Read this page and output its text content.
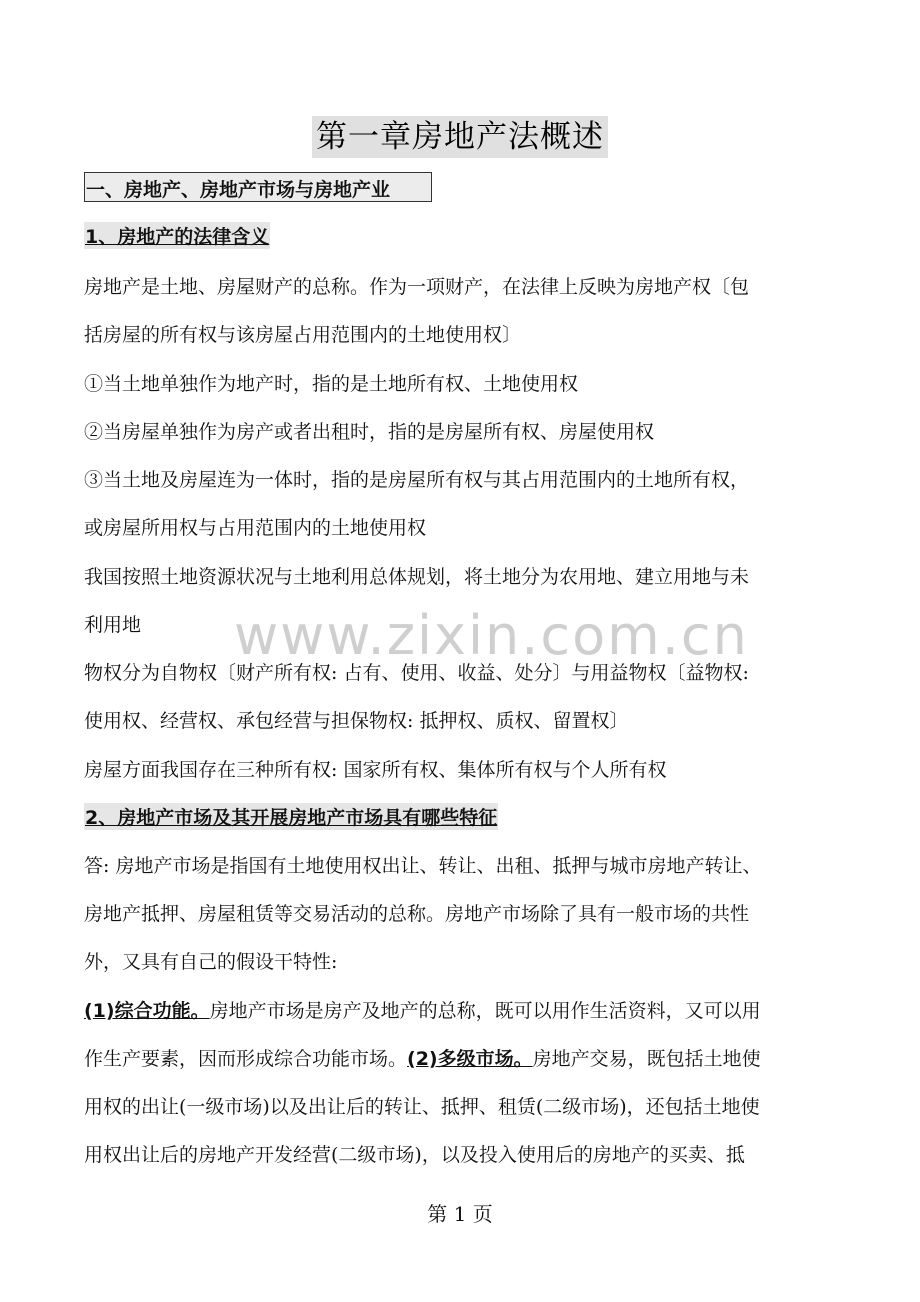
第一章房地产法概述
一、房地产、房地产市场与房地产业
1、房地产的法律含义
房地产是土地、房屋财产的总称。作为一项财产，在法律上反映为房地产权〔包
括房屋的所有权与该房屋占用范围内的土地使用权〕
①当土地单独作为地产时，指的是土地所有权、土地使用权
②当房屋单独作为房产或者出租时，指的是房屋所有权、房屋使用权
③当土地及房屋连为一体时，指的是房屋所有权与其占用范围内的土地所有权，
或房屋所用权与占用范围内的土地使用权
我国按照土地资源状况与土地利用总体规划，将土地分为农用地、建立用地与未
利用地
物权分为自物权〔财产所有权: 占有、使用、收益、处分〕与用益物权〔益物权:
使用权、经营权、承包经营与担保物权: 抵押权、质权、留置权〕
房屋方面我国存在三种所有权: 国家所有权、集体所有权与个人所有权
www.zixin.com.cn
2、房地产市场及其开展房地产市场具有哪些特征
答: 房地产市场是指国有土地使用权出让、转让、出租、抵押与城市房地产转让、
房地产抵押、房屋租赁等交易活动的总称。房地产市场除了具有一般市场的共性
外，又具有自己的假设干特性:
(1)综合功能。房地产市场是房产及地产的总称，既可以用作生活资料，又可以用
作生产要素，因而形成综合功能市场。(2)多级市场。房地产交易，既包括土地使
用权的出让(一级市场)以及出让后的转让、抵押、租赁(二级市场)，还包括土地使
用权出让后的房地产开发经营(二级市场)，以及投入使用后的房地产的买卖、抵
第 1 页
